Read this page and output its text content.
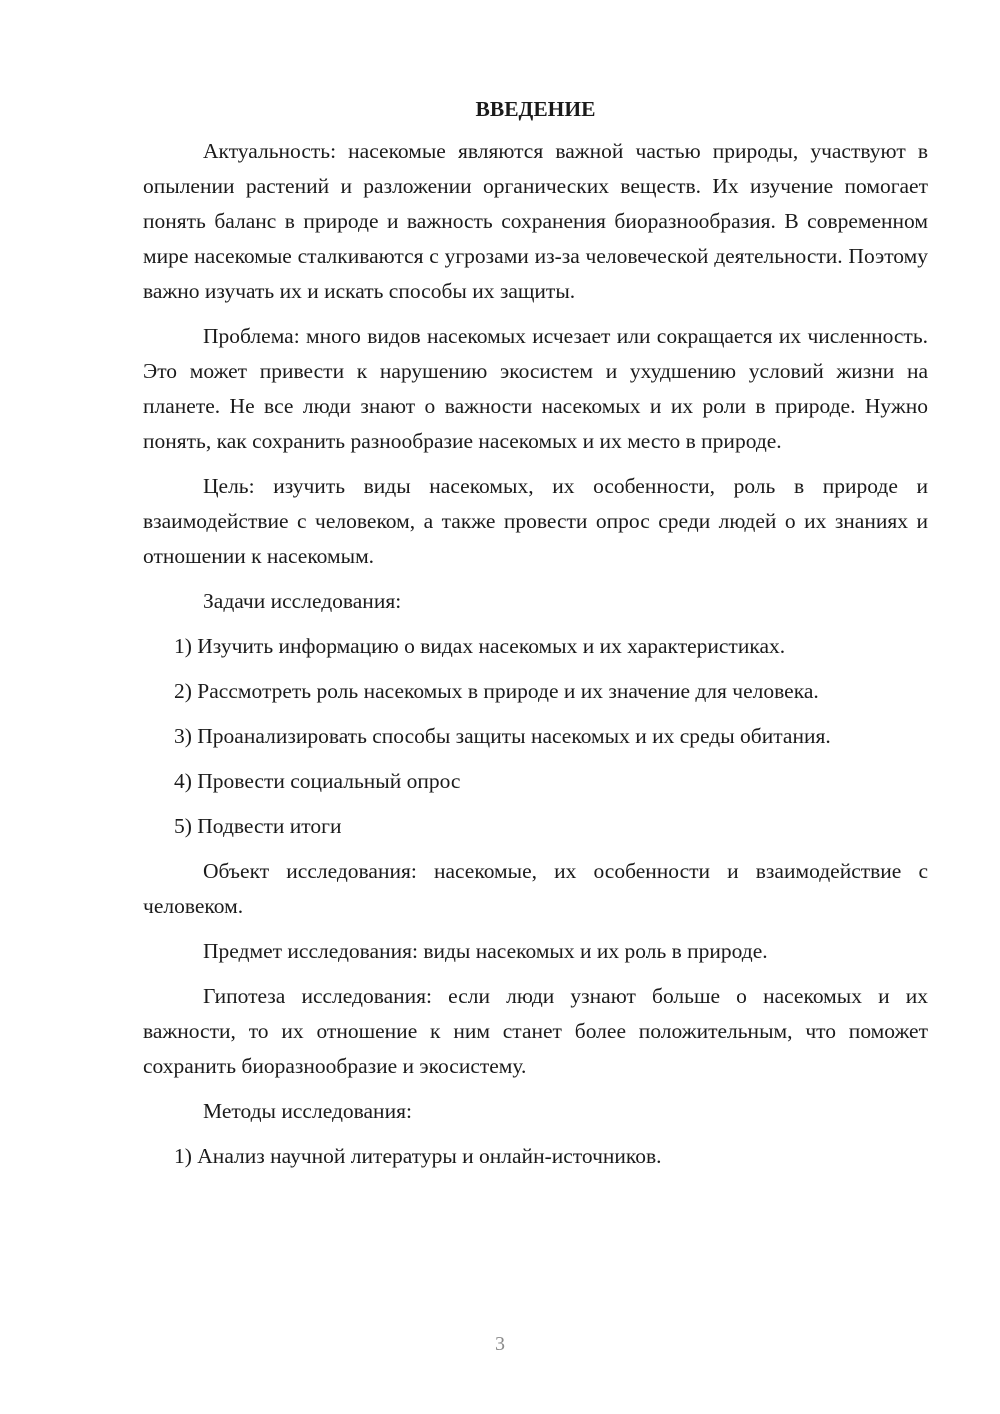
ВВЕДЕНИЕ

Актуальность: насекомые являются важной частью природы, участвуют в опылении растений и разложении органических веществ. Их изучение помогает понять баланс в природе и важность сохранения биоразнообразия. В современном мире насекомые сталкиваются с угрозами из-за человеческой деятельности. Поэтому важно изучать их и искать способы их защиты.

Проблема: много видов насекомых исчезает или сокращается их численность. Это может привести к нарушению экосистем и ухудшению условий жизни на планете. Не все люди знают о важности насекомых и их роли в природе. Нужно понять, как сохранить разнообразие насекомых и их место в природе.

Цель: изучить виды насекомых, их особенности, роль в природе и взаимодействие с человеком, а также провести опрос среди людей о их знаниях и отношении к насекомым.

Задачи исследования:

1) Изучить информацию о видах насекомых и их характеристиках.

2) Рассмотреть роль насекомых в природе и их значение для человека.

3) Проанализировать способы защиты насекомых и их среды обитания.

4) Провести социальный опрос

5) Подвести итоги

Объект исследования: насекомые, их особенности и взаимодействие с человеком.

Предмет исследования: виды насекомых и их роль в природе.

Гипотеза исследования: если люди узнают больше о насекомых и их важности, то их отношение к ним станет более положительным, что поможет сохранить биоразнообразие и экосистему.

Методы исследования:

1) Анализ научной литературы и онлайн-источников.

3
